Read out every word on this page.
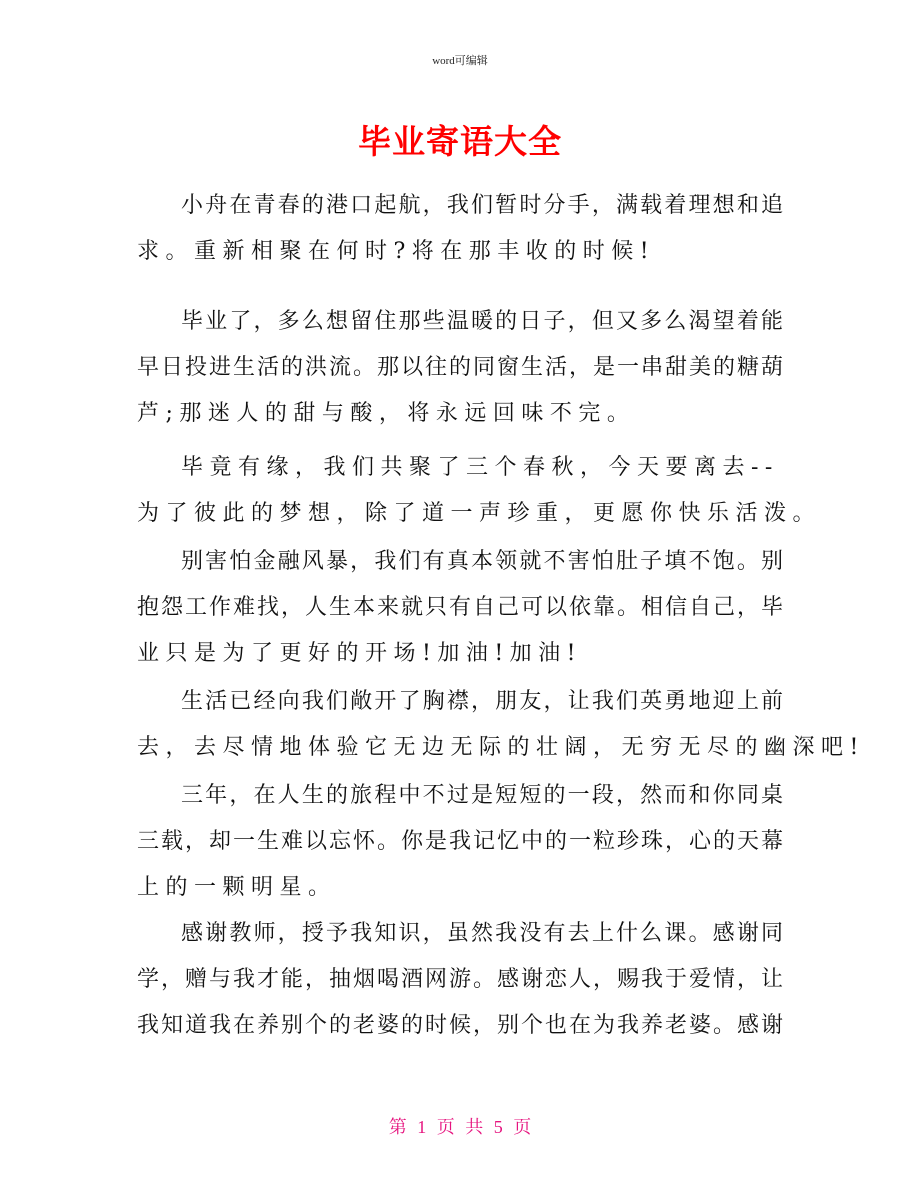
word可编辑
毕业寄语大全
小舟在青春的港口起航，我们暂时分手，满载着理想和追
求。重新相聚在何时?将在那丰收的时候!
毕业了，多么想留住那些温暖的日子，但又多么渴望着能
早日投进生活的洪流。那以往的同窗生活，是一串甜美的糖葫
芦;那迷人的甜与酸，将永远回味不完。
毕竟有缘，我们共聚了三个春秋，今天要离去--
为了彼此的梦想，除了道一声珍重，更愿你快乐活泼。
别害怕金融风暴，我们有真本领就不害怕肚子填不饱。别
抱怨工作难找，人生本来就只有自己可以依靠。相信自己，毕
业只是为了更好的开场!加油!加油!
生活已经向我们敞开了胸襟，朋友，让我们英勇地迎上前
去，去尽情地体验它无边无际的壮阔，无穷无尽的幽深吧!
三年，在人生的旅程中不过是短短的一段，然而和你同桌
三载，却一生难以忘怀。你是我记忆中的一粒珍珠，心的天幕
上的一颗明星。
感谢教师，授予我知识，虽然我没有去上什么课。感谢同
学，赠与我才能，抽烟喝酒网游。感谢恋人，赐我于爱情，让
我知道我在养别个的老婆的时候，别个也在为我养老婆。感谢
第 1 页 共 5 页
